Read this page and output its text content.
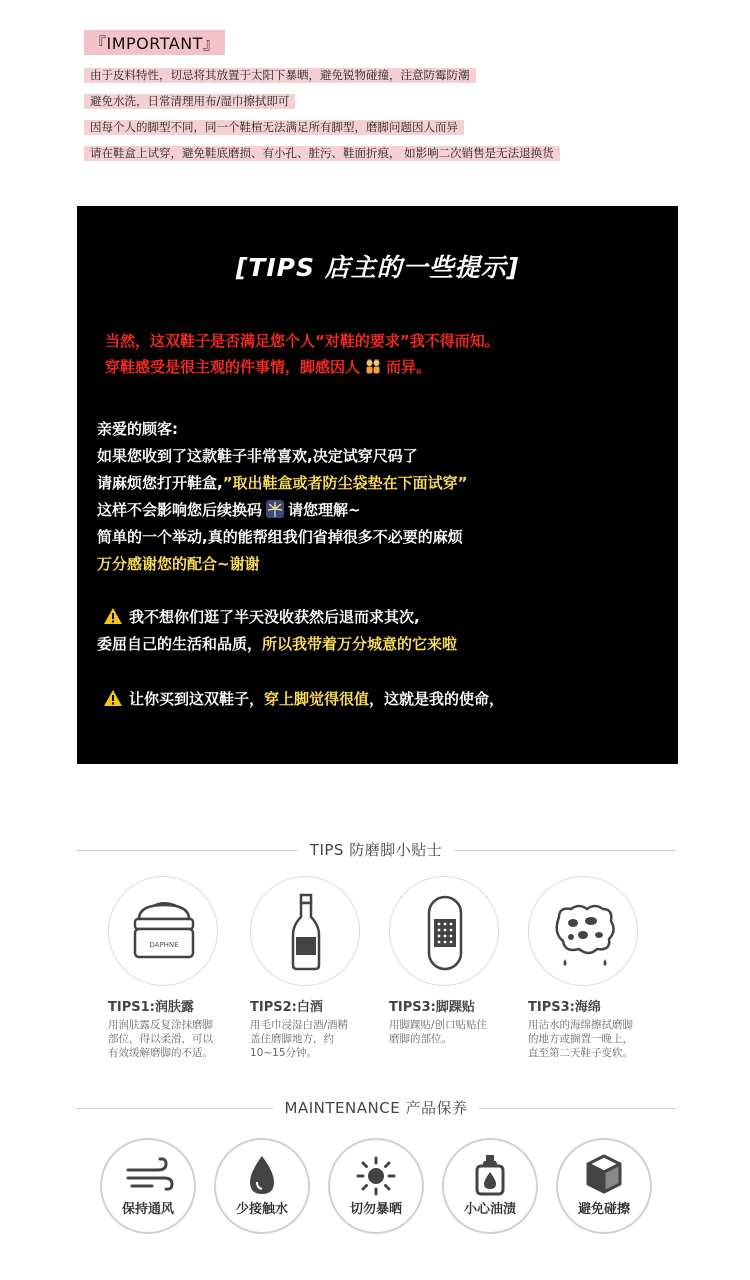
『IMPORTANT』
由于皮料特性，切忌将其放置于太阳下暴晒，避免锐物碰撞，注意防霉防潮
避免水洗，日常清理用布/湿巾擦拭即可
因每个人的脚型不同，同一个鞋楦无法满足所有脚型，磨脚问题因人而异
请在鞋盒上试穿，避免鞋底磨损、有小孔、脏污、鞋面折痕， 如影响二次销售是无法退换货
[TIPS 店主的一些提示]
当然，这双鞋子是否满足您个人“对鞋的要求”我不得而知。
穿鞋感受是很主观的件事情，脚感因人 而异。
亲爱的顾客:
如果您收到了这款鞋子非常喜欢,决定试穿尺码了
请麻烦您打开鞋盒,”取出鞋盒或者防尘袋垫在下面试穿”
这样不会影响您后续换码 请您理解~
简单的一个举动,真的能帮组我们省掉很多不必要的麻烦
万分感谢您的配合~谢谢
我不想你们逛了半天没收获然后退而求其次,
委屈自己的生活和品质，所以我带着万分城意的它来啦
让你买到这双鞋子，穿上脚觉得很值，这就是我的使命，
TIPS 防磨脚小贴士
DAPHNE
TIPS1:润肤露
用润肤露反复涂抹磨脚部位，得以柔滑，可以有效缓解磨脚的不适。
TIPS2:白酒
用毛巾浸湿白酒/酒精盖住磨脚地方，约10~15分钟。
TIPS3:脚踝贴
用脚踝贴/创口贴贴住磨脚的部位。
TIPS3:海绵
用沾水的海绵擦拭磨脚的地方或搁置一晚上，直至第二天鞋子变软。
MAINTENANCE 产品保养
保持通风	少接触水	切勿暴晒	小心油渍	避免碰擦
